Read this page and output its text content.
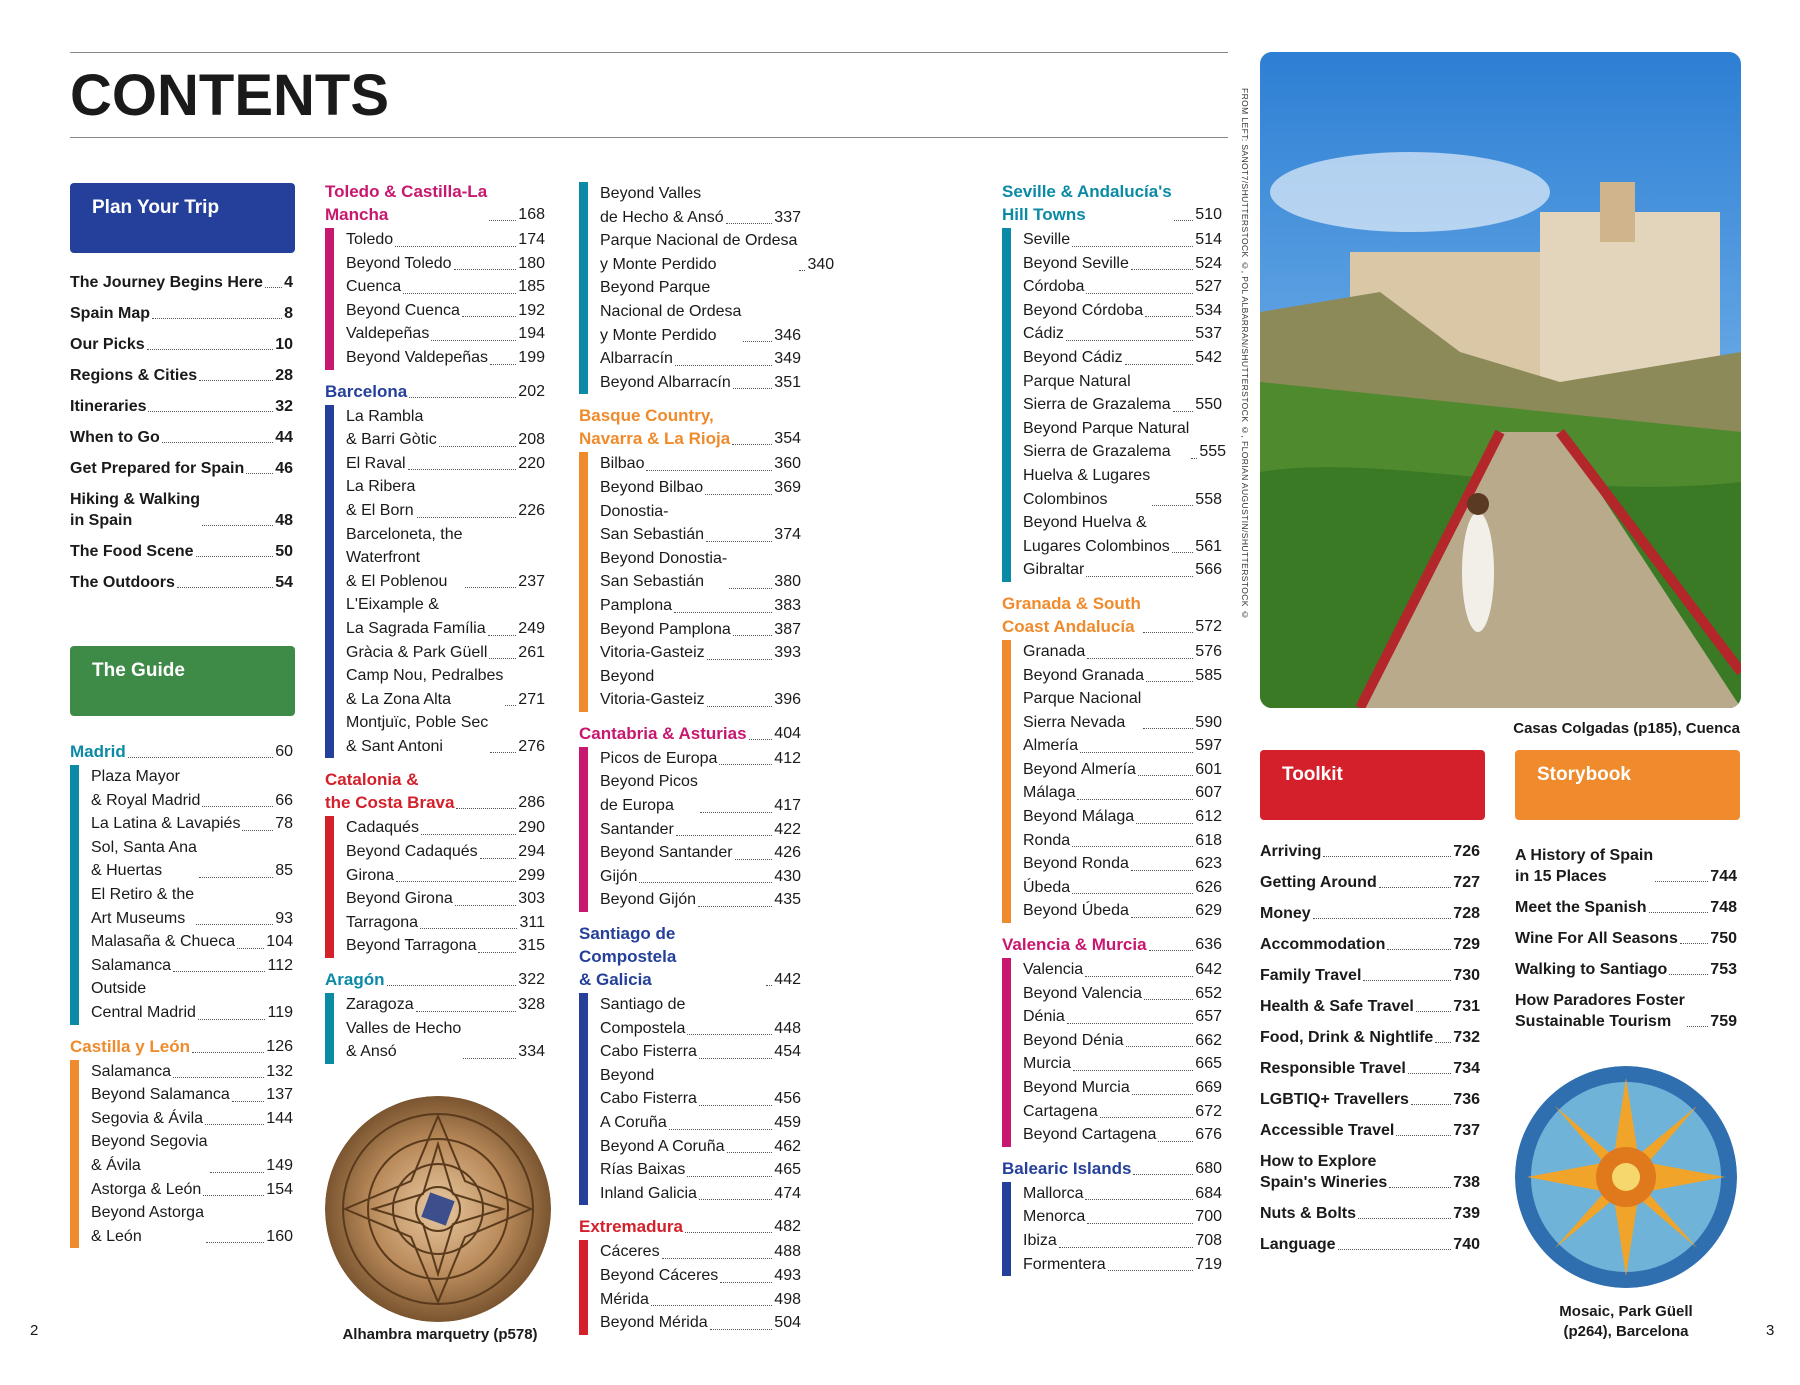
CONTENTS
Plan Your Trip
The Journey Begins Here 4
Spain Map	8
Our Picks	10
Regions & Cities	28
Itineraries	32
When to Go	44
Get Prepared for Spain 46
Hiking & Walking
in Spain	48
The Food Scene	50
The Outdoors	54
The Guide
Madrid	60
Plaza Mayor
& Royal Madrid	66
La Latina & Lavapiés 78
Sol, Santa Ana
& Huertas	85
El Retiro & the
Art Museums	93
Malasaña & Chueca 104
Salamanca	112
Outside
Central Madrid	119
Castilla y León	126
Salamanca	132
Beyond Salamanca 137
Segovia & Ávila	144
Beyond Segovia
& Ávila	149
Astorga & León	154
Beyond Astorga
& León	160
Toledo & Castilla-La
Mancha	168
Toledo	174
Beyond Toledo	180
Cuenca	185
Beyond Cuenca	192
Valdepeñas	194
Beyond Valdepeñas 199
Barcelona	202
La Rambla
& Barri Gòtic	208
El Raval	220
La Ribera
& El Born	226
Barceloneta, the
Waterfront
& El Poblenou	237
L'Eixample &
La Sagrada Família 249
Gràcia & Park Güell 261
Camp Nou, Pedralbes
& La Zona Alta	271
Montjuïc, Poble Sec
& Sant Antoni	276
Catalonia &
the Costa Brava	286
Cadaqués	290
Beyond Cadaqués	294
Girona	299
Beyond Girona	303
Tarragona	311
Beyond Tarragona	315
Aragón	322
Zaragoza	328
Valles de Hecho
& Ansó	334
Beyond Valles
de Hecho & Ansó	337
Parque Nacional de Ordesa
y Monte Perdido	340
Beyond Parque
Nacional de Ordesa
y Monte Perdido	346
Albarracín	349
Beyond Albarracín	351
Basque Country,
Navarra & La Rioja	354
Bilbao	360
Beyond Bilbao	369
Donostia-
San Sebastián	374
Beyond Donostia-
San Sebastián	380
Pamplona	383
Beyond Pamplona	387
Vitoria-Gasteiz	393
Beyond
Vitoria-Gasteiz	396
Cantabria & Asturias 404
Picos de Europa	412
Beyond Picos
de Europa	417
Santander	422
Beyond Santander	426
Gijón	430
Beyond Gijón	435
Santiago de Compostela
& Galicia	442
Santiago de
Compostela	448
Cabo Fisterra	454
Beyond
Cabo Fisterra	456
A Coruña	459
Beyond A Coruña	462
Rías Baixas	465
Inland Galicia	474
Extremadura	482
Cáceres	488
Beyond Cáceres	493
Mérida	498
Beyond Mérida	504
Seville & Andalucía's
Hill Towns	510
Seville	514
Beyond Seville	524
Córdoba	527
Beyond Córdoba	534
Cádiz	537
Beyond Cádiz	542
Parque Natural
Sierra de Grazalema 550
Beyond Parque Natural
Sierra de Grazalema	555
Huelva & Lugares
Colombinos	558
Beyond Huelva &
Lugares Colombinos 561
Gibraltar	566
Granada & South
Coast Andalucía	572
Granada	576
Beyond Granada	585
Parque Nacional
Sierra Nevada	590
Almería	597
Beyond Almería	601
Málaga	607
Beyond Málaga	612
Ronda	618
Beyond Ronda	623
Úbeda	626
Beyond Úbeda	629
Valencia & Murcia	636
Valencia	642
Beyond Valencia	652
Dénia	657
Beyond Dénia	662
Murcia	665
Beyond Murcia	669
Cartagena	672
Beyond Cartagena 676
Balearic Islands	680
Mallorca	684
Menorca	700
Ibiza	708
Formentera	719
Alhambra marquetry (p578)
FROM LEFT: SANOT7/SHUTTERSTOCK ©, POL ALBARRAN/SHUTTERSTOCK ©, FLORIAN AUGUSTIN/SHUTTERSTOCK ©
Casas Colgadas (p185), Cuenca
Toolkit
Arriving	726
Getting Around	727
Money	728
Accommodation	729
Family Travel	730
Health & Safe Travel 731
Food, Drink & Nightlife 732
Responsible Travel	734
LGBTIQ+ Travellers	736
Accessible Travel	737
How to Explore
Spain's Wineries	738
Nuts & Bolts	739
Language	740
Storybook
A History of Spain
in 15 Places	744
Meet the Spanish	748
Wine For All Seasons 750
Walking to Santiago	753
How Paradores Foster
Sustainable Tourism	759
Mosaic, Park Güell
(p264), Barcelona
2	3
